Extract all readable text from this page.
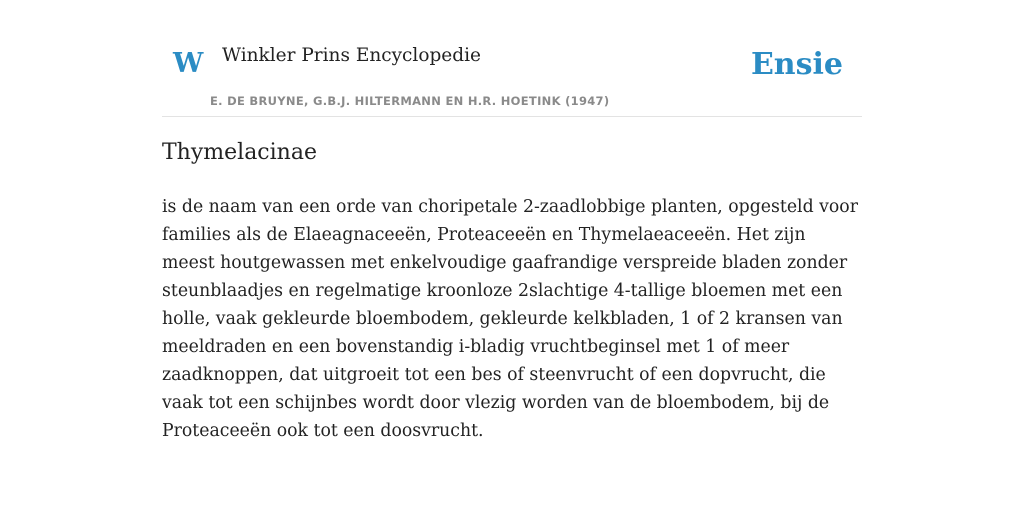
W Winkler Prins Encyclopedie
E. DE BRUYNE, G.B.J. HILTERMANN EN H.R. HOETINK (1947)
Ensie
Thymelacinae

is de naam van een orde van choripetale 2-zaadlobbige planten, opgesteld voor families als de Elaeagnaceeën, Proteaceeën en Thymelaeaceeën. Het zijn meest houtgewassen met enkelvoudige gaafrandige verspreide bladen zonder steunblaadjes en regelmatige kroonloze 2slachtige 4-tallige bloemen met een holle, vaak gekleurde bloembodem, gekleurde kelkbladen, 1 of 2 kransen van meeldraden en een bovenstandig i-bladig vruchtbeginsel met 1 of meer zaadknoppen, dat uitgroeit tot een bes of steenvrucht of een dopvrucht, die vaak tot een schijnbes wordt door vlezig worden van de bloembodem, bij de Proteaceeën ook tot een doosvrucht.
